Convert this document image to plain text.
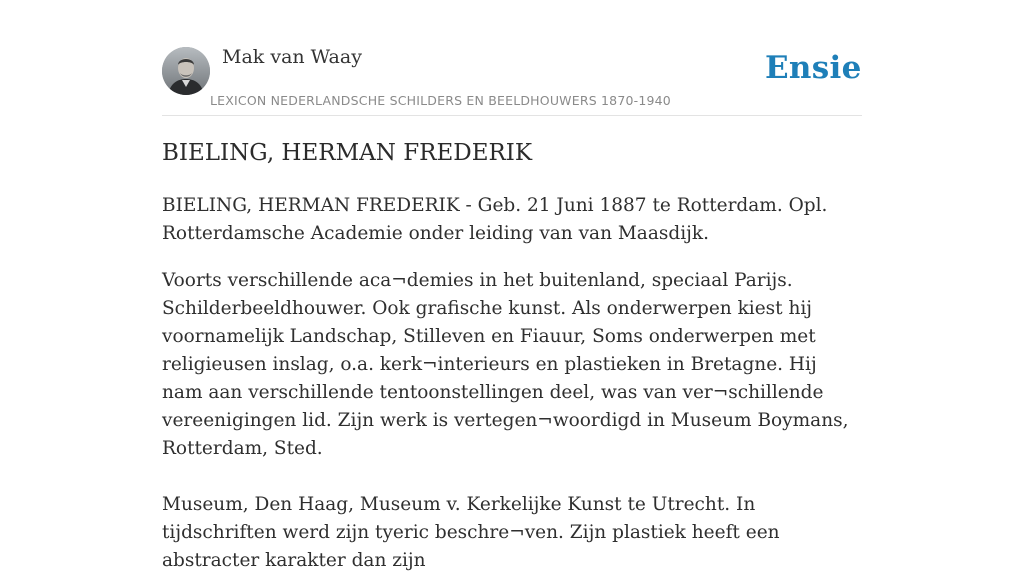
Mak van Waay
LEXICON NEDERLANDSCHE SCHILDERS EN BEELDHOUWERS 1870-1940
Ensie
BIELING, HERMAN FREDERIK

BIELING, HERMAN FREDERIK - Geb. 21 Juni 1887 te Rotterdam. Opl. Rotterdamsche Academie onder leiding van van Maasdijk.

Voorts verschillende aca¬demies in het buitenland, speciaal Parijs. Schilderbeeldhouwer. Ook grafische kunst. Als onderwerpen kiest hij voornamelijk Landschap, Stilleven en Fiauur, Soms onderwerpen met religieusen inslag, o.a. kerk¬interieurs en plastieken in Bretagne. Hij nam aan verschillende tentoonstellingen deel, was van ver¬schillende vereenigingen lid. Zijn werk is vertegen¬woordigd in Museum Boymans, Rotterdam, Sted.

Museum, Den Haag, Museum v. Kerkelijke Kunst te Utrecht. In tijdschriften werd zijn tyeric beschre¬ven. Zijn plastiek heeft een abstracter karakter dan zijn
